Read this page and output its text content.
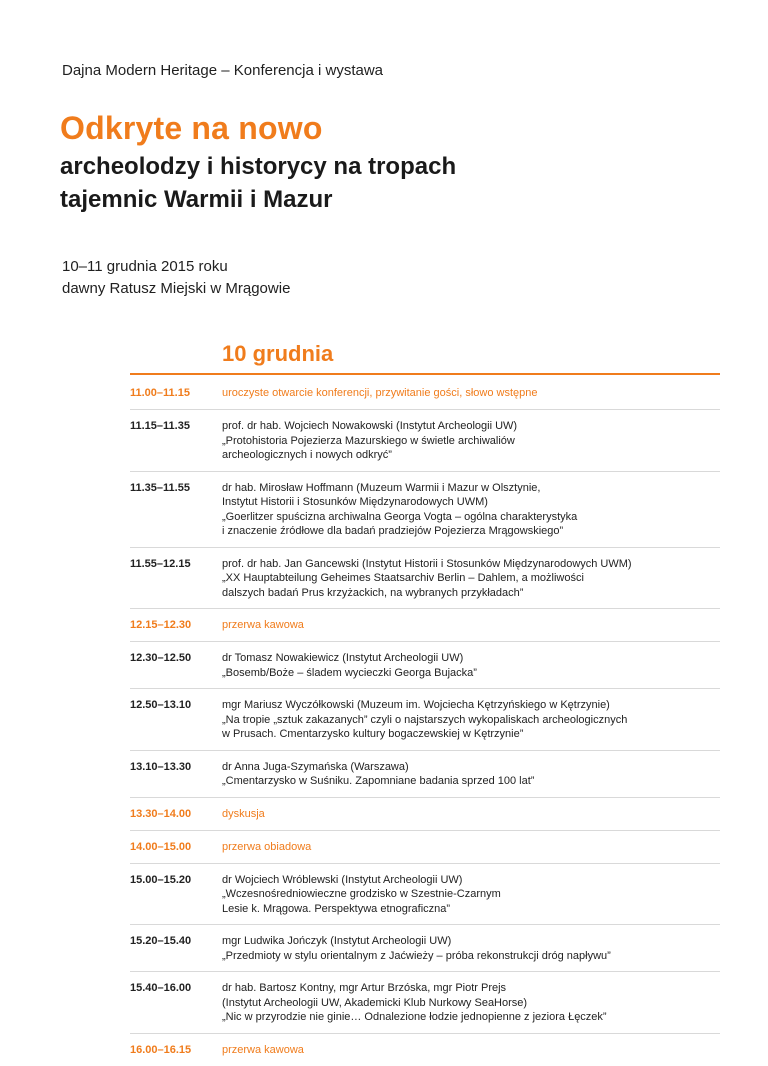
Dajna Modern Heritage – Konferencja i wystawa
Odkryte na nowo
archeolodzy i historycy na tropach
tajemnic Warmii i Mazur
10–11 grudnia 2015 roku
dawny Ratusz Miejski w Mrągowie
10 grudnia
11.00–11.15	uroczyste otwarcie konferencji, przywitanie gości, słowo wstępne
11.15–11.35	prof. dr hab. Wojciech Nowakowski (Instytut Archeologii UW)
„Protohistoria Pojezierza Mazurskiego w świetle archiwaliów
archeologicznych i nowych odkryć”
11.35–11.55	dr hab. Mirosław Hoffmann (Muzeum Warmii i Mazur w Olsztynie,
Instytut Historii i Stosunków Międzynarodowych UWM)
„Goerlitzer spuścizna archiwalna Georga Vogta – ogólna charakterystyka
i znaczenie źródłowe dla badań pradziejów Pojezierza Mrągowskiego”
11.55–12.15	prof. dr hab. Jan Gancewski (Instytut Historii i Stosunków Międzynarodowych UWM)
„XX Hauptabteilung Geheimes Staatsarchiv Berlin – Dahlem, a możliwości
dalszych badań Prus krzyżackich, na wybranych przykładach”
12.15–12.30	przerwa kawowa
12.30–12.50	dr Tomasz Nowakiewicz (Instytut Archeologii UW)
„Bosemb/Boże – śladem wycieczki Georga Bujacka”
12.50–13.10	mgr Mariusz Wyczółkowski (Muzeum im. Wojciecha Kętrzyńskiego w Kętrzynie)
„Na tropie „sztuk zakazanych” czyli o najstarszych wykopaliskach archeologicznych
w Prusach. Cmentarzysko kultury bogaczewskiej w Kętrzynie”
13.10–13.30	dr Anna Juga-Szymańska (Warszawa)
„Cmentarzysko w Suśniku. Zapomniane badania sprzed 100 lat”
13.30–14.00	dyskusja
14.00–15.00	przerwa obiadowa
15.00–15.20	dr Wojciech Wróblewski (Instytut Archeologii UW)
„Wczesnośredniowieczne grodzisko w Szestnie-Czarnym
Lesie k. Mrągowa. Perspektywa etnograficzna”
15.20–15.40	mgr Ludwika Jończyk (Instytut Archeologii UW)
„Przedmioty w stylu orientalnym z Jaćwieży – próba rekonstrukcji dróg napływu”
15.40–16.00	dr hab. Bartosz Kontny, mgr Artur Brzóska, mgr Piotr Prejs
(Instytut Archeologii UW, Akademicki Klub Nurkowy SeaHorse)
„Nic w przyrodzie nie ginie… Odnalezione łodzie jednopienne z jeziora Łęczek”
16.00–16.15	przerwa kawowa
